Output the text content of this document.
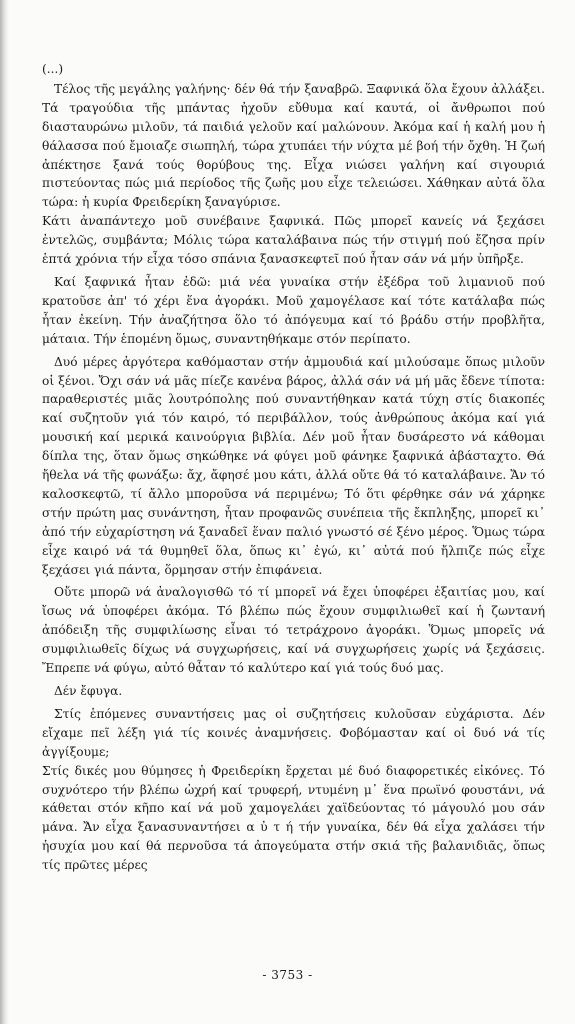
(...)

Τέλος τῆς μεγάλης γαλήνης· δέν θά τήν ξαναβρῶ. Ξαφνικά ὅλα ἔχουν ἀλλάξει. Τά τραγούδια τῆς μπάντας ἠχοῦν εὔθυμα καί καυτά, οἱ ἄνθρωποι πού διασταυρώνω μιλοῦν, τά παιδιά γελοῦν καί μαλώνουν. Ἀκόμα καί ἡ καλή μου ἡ θάλασσα πού ἔμοιαζε σιωπηλή, τώρα χτυπάει τήν νύχτα μέ βοή τήν ὄχθη. Ἡ ζωή ἀπέκτησε ξανά τούς θορύβους της. Εἶχα νιώσει γαλήνη καί σιγουριά πιστεύοντας πώς μιά περίοδος τῆς ζωῆς μου εἶχε τελειώσει. Χάθηκαν αὐτά ὅλα τώρα: ἡ κυρία Φρειδερίκη ξαναγύρισε.

Κάτι ἀναπάντεχο μοῦ συνέβαινε ξαφνικά. Πῶς μπορεῖ κανείς νά ξεχάσει ἐντελῶς, συμβάντα; Μόλις τώρα καταλάβαινα πώς τήν στιγμή πού ἔζησα πρίν ἑπτά χρόνια τήν εἶχα τόσο σπάνια ξανασκεφτεῖ πού ἦταν σάν νά μήν ὑπῆρξε.

Καί ξαφνικά ἦταν ἐδῶ: μιά νέα γυναίκα στήν ἐξέδρα τοῦ λιμανιοῦ πού κρατοῦσε ἀπ' τό χέρι ἕνα ἀγοράκι. Μοῦ χαμογέλασε καί τότε κατάλαβα πώς ἦταν ἐκείνη. Τήν ἀναζήτησα ὅλο τό ἀπόγευμα καί τό βράδυ στήν προβλῆτα, μάταια. Τήν ἑπομένη ὅμως, συναντηθήκαμε στόν περίπατο.

Δυό μέρες ἀργότερα καθόμασταν στήν ἀμμουδιά καί μιλούσαμε ὅπως μιλοῦν οἱ ξένοι. Ὄχι σάν νά μᾶς πίεζε κανένα βάρος, ἀλλά σάν νά μή μᾶς ἔδενε τίποτα: παραθεριστές μιᾶς λουτρόπολης πού συναντήθηκαν κατά τύχη στίς διακοπές καί συζητοῦν γιά τόν καιρό, τό περιβάλλον, τούς ἀνθρώπους ἀκόμα καί γιά μουσική καί μερικά καινούργια βιβλία. Δέν μοῦ ἦταν δυσάρεστο νά κάθομαι δίπλα της, ὅταν ὅμως σηκώθηκε νά φύγει μοῦ φάνηκε ξαφνικά ἀβάσταχτο. Θά ἤθελα νά τῆς φωνάξω: ἄχ, ἄφησέ μου κάτι, ἀλλά οὔτε θά τό καταλάβαινε. Ἄν τό καλοσκεφτῶ, τί ἄλλο μποροῦσα νά περιμένω; Τό ὅτι φέρθηκε σάν νά χάρηκε στήν πρώτη μας συνάντηση, ἦταν προφανῶς συνέπεια τῆς ἔκπληξης, μπορεῖ κι᾿ ἀπό τήν εὐχαρίστηση νά ξαναδεῖ ἕναν παλιό γνωστό σέ ξένο μέρος. Ὅμως τώρα εἶχε καιρό νά τά θυμηθεῖ ὅλα, ὅπως κι᾿ ἐγώ, κι᾿ αὐτά πού ἤλπιζε πώς εἶχε ξεχάσει γιά πάντα, ὅρμησαν στήν ἐπιφάνεια.

Οὔτε μπορῶ νά ἀναλογισθῶ τό τί μπορεῖ νά ἔχει ὑποφέρει ἐξαιτίας μου, καί ἴσως νά ὑποφέρει ἀκόμα. Τό βλέπω πώς ἔχουν συμφιλιωθεῖ καί ἡ ζωντανή ἀπόδειξη τῆς συμφιλίωσης εἶναι τό τετράχρονο ἀγοράκι. Ὅμως μπορεῖς νά συμφιλιωθεῖς δίχως νά συγχωρήσεις, καί νά συγχωρήσεις χωρίς νά ξεχάσεις. Ἔπρεπε νά φύγω, αὐτό θἆταν τό καλύτερο καί γιά τούς δυό μας.

Δέν ἔφυγα.

Στίς ἑπόμενες συναντήσεις μας οἱ συζητήσεις κυλοῦσαν εὐχάριστα. Δέν εἴχαμε πεῖ λέξη γιά τίς κοινές ἀναμνήσεις. Φοβόμασταν καί οἱ δυό νά τίς ἀγγίξουμε;

Στίς δικές μου θύμησες ἡ Φρειδερίκη ἔρχεται μέ δυό διαφορετικές εἰκόνες. Τό συχνότερο τήν βλέπω ὠχρή καί τρυφερή, ντυμένη μ᾿ ἕνα πρωϊνό φουστάνι, νά κάθεται στόν κῆπο καί νά μοῦ χαμογελάει χαϊδεύοντας τό μάγουλό μου σάν μάνα. Ἄν εἶχα ξανασυναντήσει α ὐ τ ή τήν γυναίκα, δέν θά εἶχα χαλάσει τήν ἡσυχία μου καί θά περνοῦσα τά ἀπογεύματα στήν σκιά τῆς βαλανιδιᾶς, ὅπως τίς πρῶτες μέρες

- 3753 -
